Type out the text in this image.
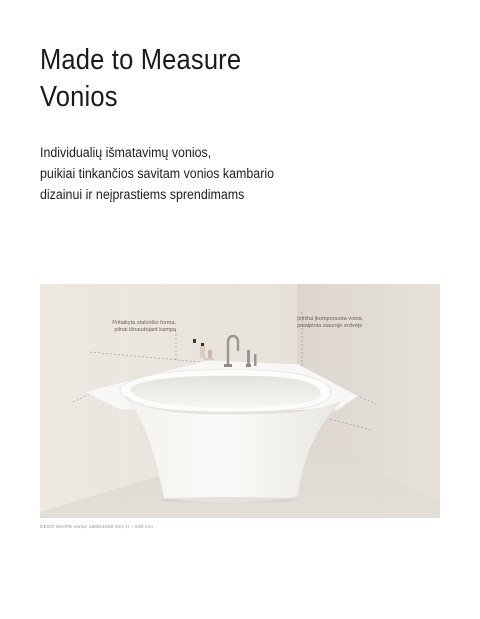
Made to Measure
Vonios

Individualių išmatavimų vonios,
puikiai tinkančios savitam vonios kambario
dizainui ir neįprastiems sprendimams

Pritaikyta stalviršio forma,
pilnai išnaudojant kampą
Įstrižai įkomponuota vonia,
patalpinta siauroje erdvėje
DECO SHAPE vonia; 1980x1000 mm; H = 630 mm
